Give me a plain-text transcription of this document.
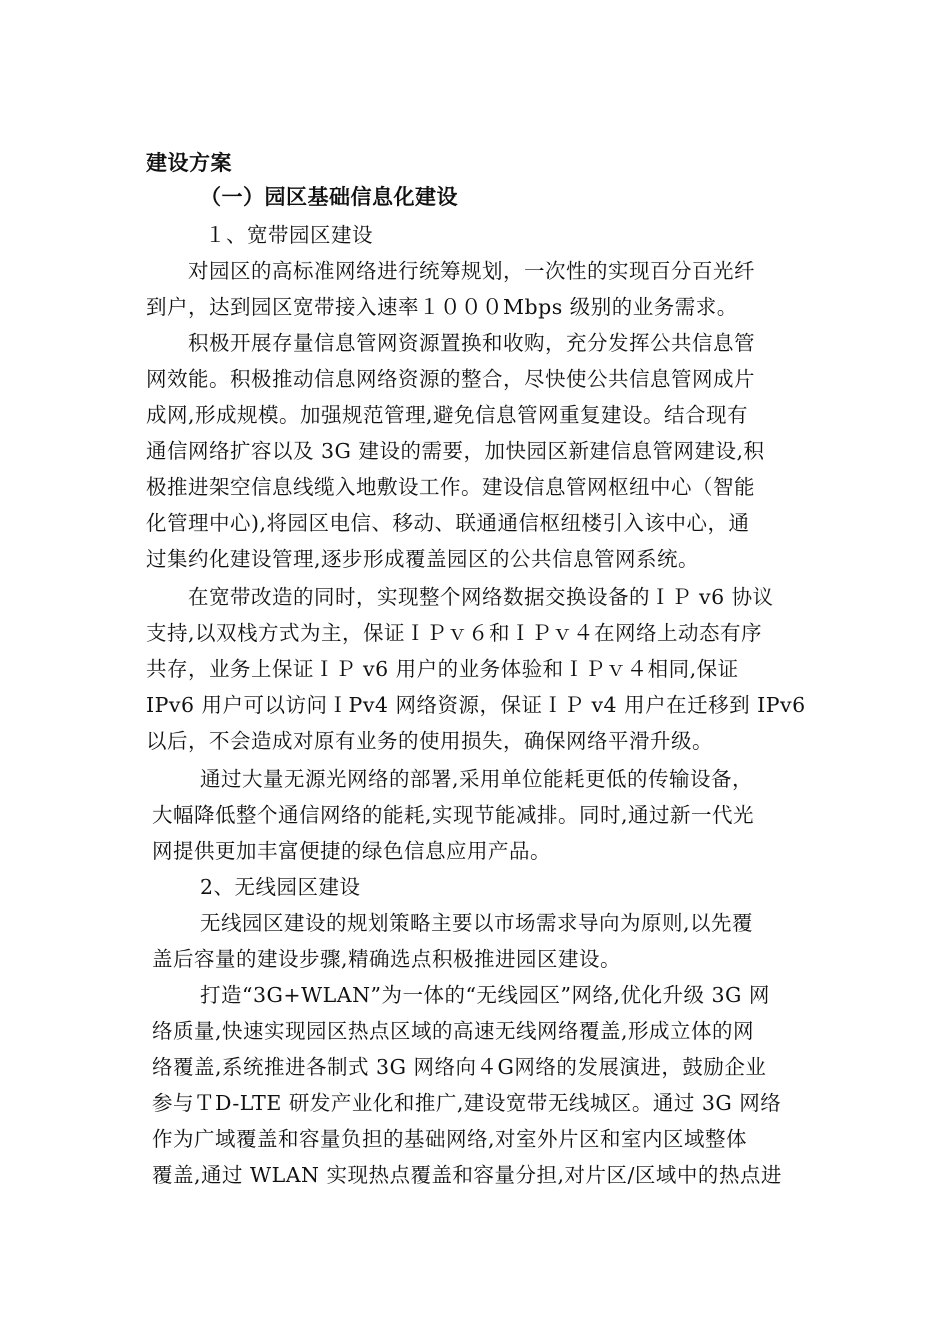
建设方案
（一）园区基础信息化建设
１、宽带园区建设
对园区的高标准网络进行统筹规划，一次性的实现百分百光纤
到户，达到园区宽带接入速率１０００Mbps 级别的业务需求。
积极开展存量信息管网资源置换和收购，充分发挥公共信息管
网效能。积极推动信息网络资源的整合，尽快使公共信息管网成片
成网,形成规模。加强规范管理,避免信息管网重复建设。结合现有
通信网络扩容以及 3G 建设的需要，加快园区新建信息管网建设,积
极推进架空信息线缆入地敷设工作。建设信息管网枢纽中心（智能
化管理中心),将园区电信、移动、联通通信枢纽楼引入该中心，通
过集约化建设管理,逐步形成覆盖园区的公共信息管网系统。
在宽带改造的同时，实现整个网络数据交换设备的ＩＰ v6 协议
支持,以双栈方式为主，保证ＩＰｖ６和ＩＰｖ４在网络上动态有序
共存，业务上保证ＩＰ v6 用户的业务体验和ＩＰｖ４相同,保证
IPv6 用户可以访问ＩPv4 网络资源，保证ＩＰ v4 用户在迁移到 IPv6
以后，不会造成对原有业务的使用损失，确保网络平滑升级。
通过大量无源光网络的部署,采用单位能耗更低的传输设备，
大幅降低整个通信网络的能耗,实现节能减排。同时,通过新一代光
网提供更加丰富便捷的绿色信息应用产品。
2、无线园区建设
无线园区建设的规划策略主要以市场需求导向为原则,以先覆
盖后容量的建设步骤,精确选点积极推进园区建设。
打造“3G+WLAN”为一体的“无线园区”网络,优化升级 3G 网
络质量,快速实现园区热点区域的高速无线网络覆盖,形成立体的网
络覆盖,系统推进各制式 3G 网络向４G网络的发展演进，鼓励企业
参与ＴD-LTE 研发产业化和推广,建设宽带无线城区。通过 3G 网络
作为广域覆盖和容量负担的基础网络,对室外片区和室内区域整体
覆盖,通过 WLAN 实现热点覆盖和容量分担,对片区/区域中的热点进
